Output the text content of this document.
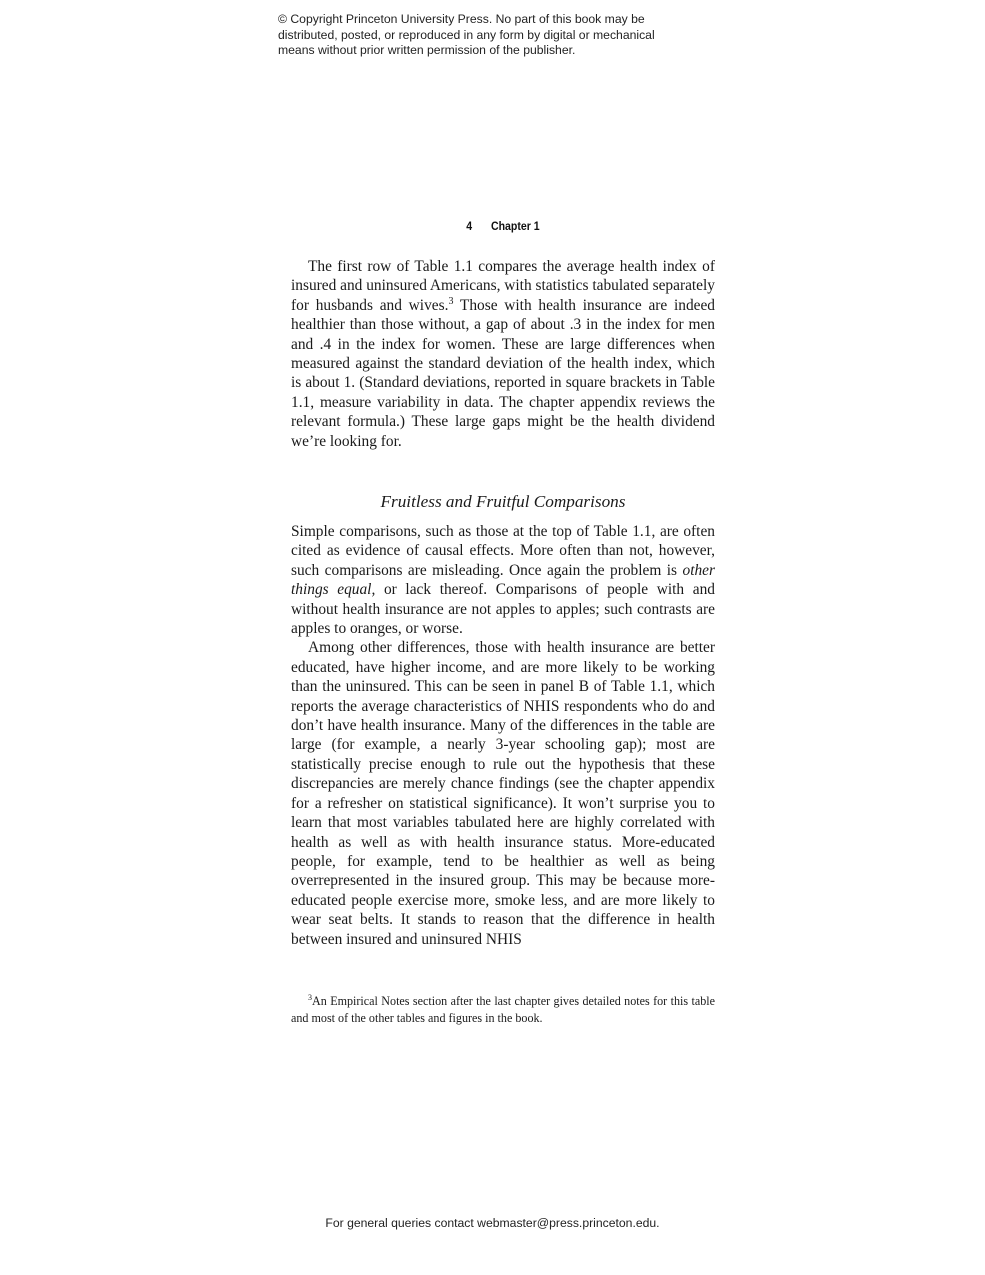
© Copyright Princeton University Press. No part of this book may be
distributed, posted, or reproduced in any form by digital or mechanical
means without prior written permission of the publisher.
4 Chapter 1

The first row of Table 1.1 compares the average health index of insured and uninsured Americans, with statistics tabulated separately for husbands and wives.$^3$ Those with health insurance are indeed healthier than those without, a gap of about .3 in the index for men and .4 in the index for women. These are large differences when measured against the standard deviation of the health index, which is about 1. (Standard deviations, reported in square brackets in Table 1.1, measure variability in data. The chapter appendix reviews the relevant formula.) These large gaps might be the health dividend we’re looking for.

Fruitless and Fruitful Comparisons

Simple comparisons, such as those at the top of Table 1.1, are often cited as evidence of causal effects. More often than not, however, such comparisons are misleading. Once again the problem is other things equal, or lack thereof. Comparisons of people with and without health insurance are not apples to apples; such contrasts are apples to oranges, or worse.

Among other differences, those with health insurance are better educated, have higher income, and are more likely to be working than the uninsured. This can be seen in panel B of Table 1.1, which reports the average characteristics of NHIS respondents who do and don’t have health insurance. Many of the differences in the table are large (for example, a nearly 3-year schooling gap); most are statistically precise enough to rule out the hypothesis that these discrepancies are merely chance findings (see the chapter appendix for a refresher on statistical significance). It won’t surprise you to learn that most variables tabulated here are highly correlated with health as well as with health insurance status. More-educated people, for example, tend to be healthier as well as being overrepresented in the insured group. This may be because more-educated people exercise more, smoke less, and are more likely to wear seat belts. It stands to reason that the difference in health between insured and uninsured NHIS

$^3$An Empirical Notes section after the last chapter gives detailed notes for this table and most of the other tables and figures in the book.

For general queries contact webmaster@press.princeton.edu.
